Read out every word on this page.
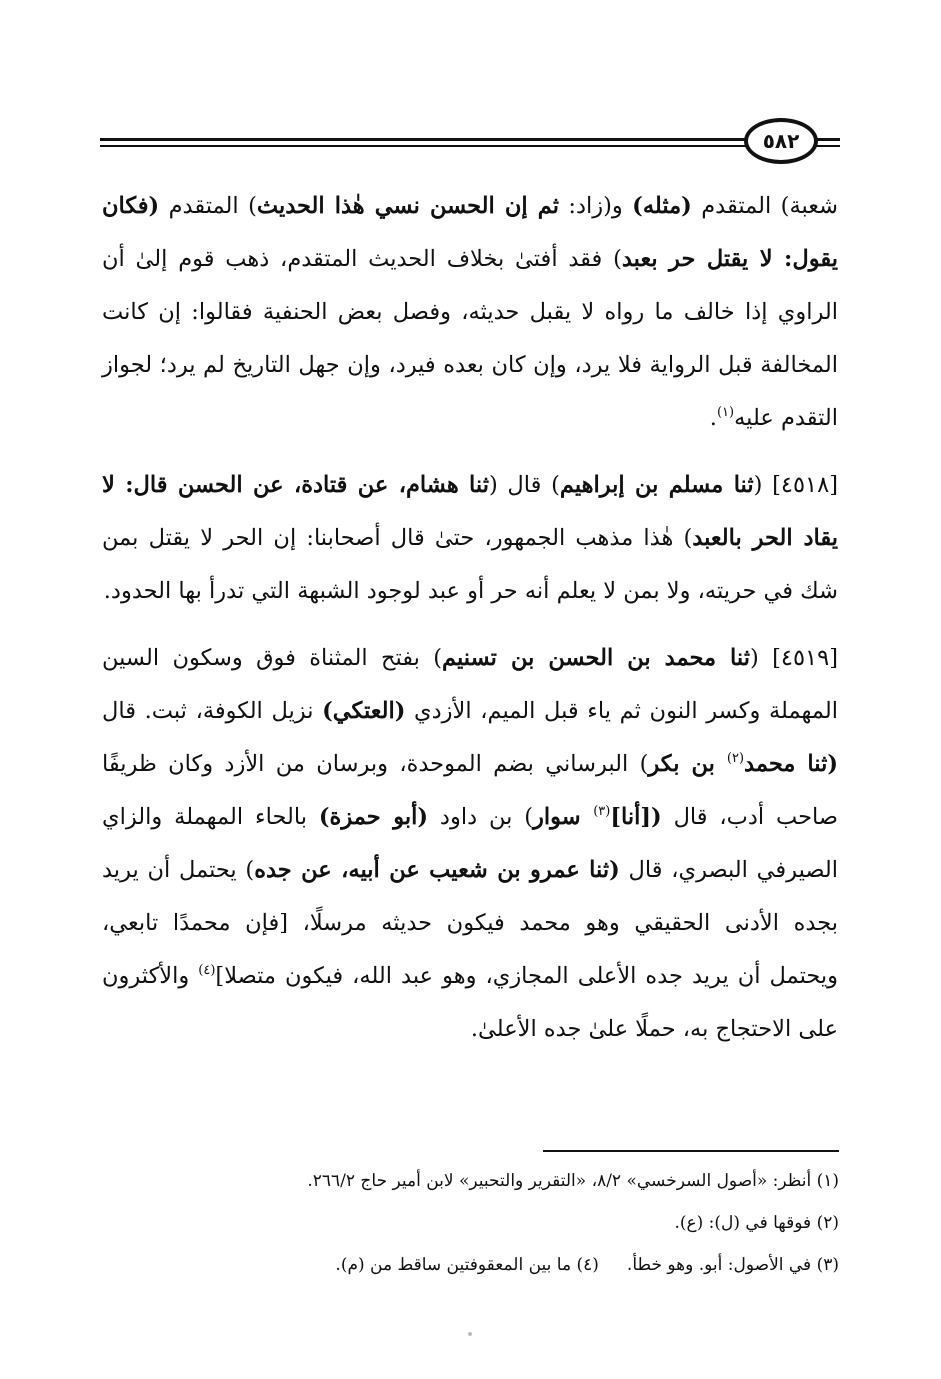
٥٨٢

شعبة) المتقدم (مثله) و(زاد: ثم إن الحسن نسي هٰذا الحديث) المتقدم (فكان يقول: لا يقتل حر بعبد) فقد أفتىٰ بخلاف الحديث المتقدم، ذهب قوم إلىٰ أن الراوي إذا خالف ما رواه لا يقبل حديثه، وفصل بعض الحنفية فقالوا: إن كانت المخالفة قبل الرواية فلا يرد، وإن كان بعده فيرد، وإن جهل التاريخ لم يرد؛ لجواز التقدم عليه$^{(١)}$.

[٤٥١٨] (ثنا مسلم بن إبراهيم) قال (ثنا هشام، عن قتادة، عن الحسن قال: لا يقاد الحر بالعبد) هٰذا مذهب الجمهور، حتىٰ قال أصحابنا: إن الحر لا يقتل بمن شك في حريته، ولا بمن لا يعلم أنه حر أو عبد لوجود الشبهة التي تدرأ بها الحدود.

[٤٥١٩] (ثنا محمد بن الحسن بن تسنيم) بفتح المثناة فوق وسكون السين المهملة وكسر النون ثم ياء قبل الميم، الأزدي (العتكي) نزيل الكوفة، ثبت. قال (ثنا محمد$^{(٢)}$ بن بكر) البرساني بضم الموحدة، وبرسان من الأزد وكان ظريفًا صاحب أدب، قال ([أنا]$^{(٣)}$ سوار) بن داود (أبو حمزة) بالحاء المهملة والزاي الصيرفي البصري، قال (ثنا عمرو بن شعيب عن أبيه، عن جده) يحتمل أن يريد بجده الأدنى الحقيقي وهو محمد فيكون حديثه مرسلًا، [فإن محمدًا تابعي، ويحتمل أن يريد جده الأعلى المجازي، وهو عبد الله، فيكون متصلا]$^{(٤)}$ والأكثرون على الاحتجاج به، حملًا علىٰ جده الأعلىٰ.

(١) أنظر: «أصول السرخسي» ٨/٢، «التقرير والتحبير» لابن أمير حاج ٢٦٦/٢.
(٢) فوقها في (ل): (ع).
(٣) في الأصول: أبو. وهو خطأ.(٤) ما بين المعقوفتين ساقط من (م).
